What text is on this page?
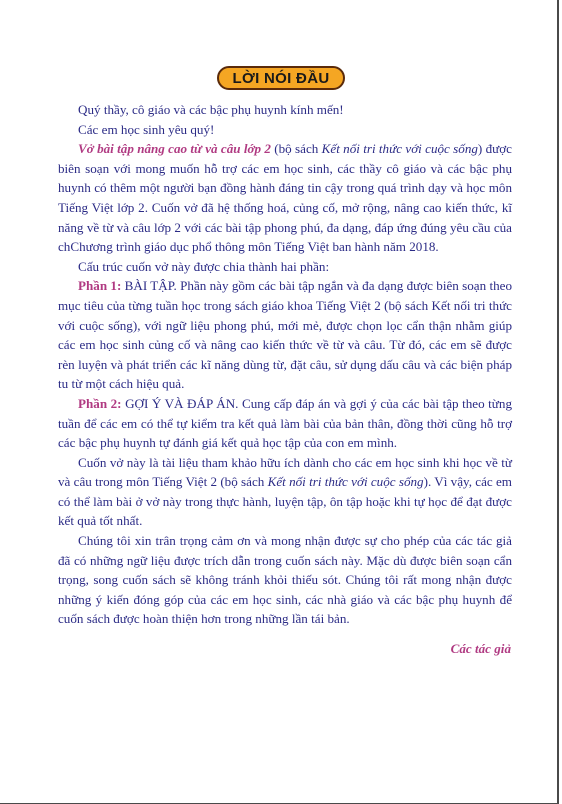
LỜI NÓI ĐẦU

Quý thầy, cô giáo và các bậc phụ huynh kính mến!

Các em học sinh yêu quý!

Vở bài tập nâng cao từ và câu lớp 2 (bộ sách Kết nối tri thức với cuộc sống) được biên soạn với mong muốn hỗ trợ các em học sinh, các thầy cô giáo và các bậc phụ huynh có thêm một người bạn đồng hành đáng tin cậy trong quá trình dạy và học môn Tiếng Việt lớp 2. Cuốn vở đã hệ thống hoá, củng cố, mở rộng, nâng cao kiến thức, kĩ năng về từ và câu lớp 2 với các bài tập phong phú, đa dạng, đáp ứng đúng yêu cầu của chChương trình giáo dục phổ thông môn Tiếng Việt ban hành năm 2018.

Cấu trúc cuốn vở này được chia thành hai phần:

Phần 1: BÀI TẬP. Phần này gồm các bài tập ngắn và đa dạng được biên soạn theo mục tiêu của từng tuần học trong sách giáo khoa Tiếng Việt 2 (bộ sách Kết nối tri thức với cuộc sống), với ngữ liệu phong phú, mới mẻ, được chọn lọc cẩn thận nhằm giúp các em học sinh củng cố và nâng cao kiến thức về từ và câu. Từ đó, các em sẽ được rèn luyện và phát triển các kĩ năng dùng từ, đặt câu, sử dụng dấu câu và các biện pháp tu từ một cách hiệu quả.

Phần 2: GỢI Ý VÀ ĐÁP ÁN. Cung cấp đáp án và gợi ý của các bài tập theo từng tuần để các em có thể tự kiểm tra kết quả làm bài của bản thân, đồng thời cũng hỗ trợ các bậc phụ huynh tự đánh giá kết quả học tập của con em mình.

Cuốn vở này là tài liệu tham khảo hữu ích dành cho các em học sinh khi học về từ và câu trong môn Tiếng Việt 2 (bộ sách Kết nối tri thức với cuộc sống). Vì vậy, các em có thể làm bài ở vở này trong thực hành, luyện tập, ôn tập hoặc khi tự học để đạt được kết quả tốt nhất.

Chúng tôi xin trân trọng cảm ơn và mong nhận được sự cho phép của các tác giả đã có những ngữ liệu được trích dẫn trong cuốn sách này. Mặc dù được biên soạn cẩn trọng, song cuốn sách sẽ không tránh khỏi thiếu sót. Chúng tôi rất mong nhận được những ý kiến đóng góp của các em học sinh, các nhà giáo và các bậc phụ huynh để cuốn sách được hoàn thiện hơn trong những lần tái bản.

Các tác giả
